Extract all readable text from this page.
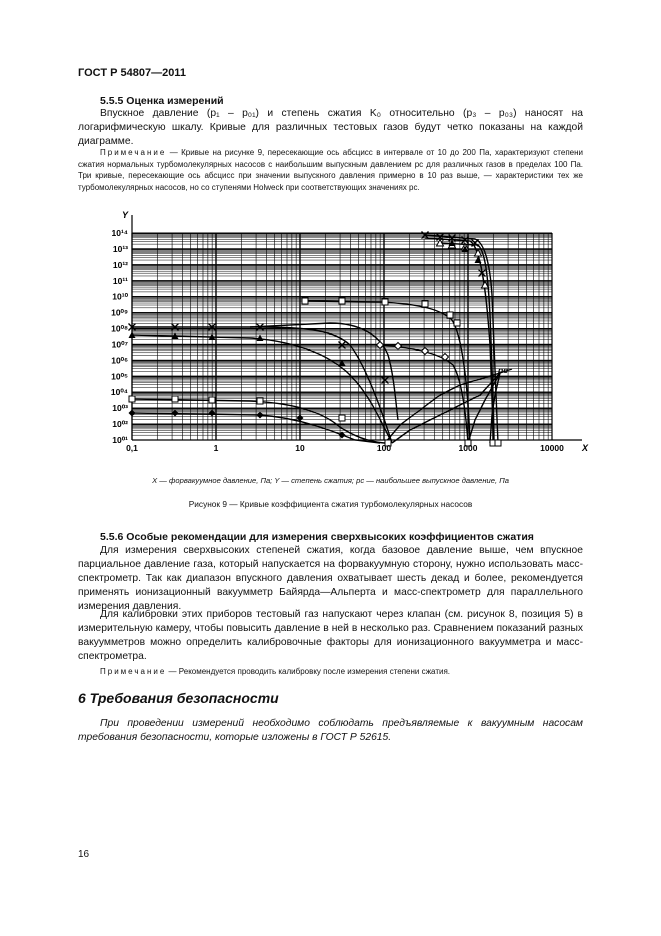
ГОСТ Р 54807—2011
5.5.5 Оценка измерений
Впускное давление (p₁ – p₀₁) и степень сжатия K₀ относительно (p₃ – p₀₃) наносят на логарифмическую шкалу. Кривые для различных тестовых газов будут четко показаны на каждой диаграмме.
Примечание — Кривые на рисунке 9, пересекающие ось абсцисс в интервале от 10 до 200 Па, характеризуют степени сжатия нормальных турбомолекулярных насосов с наибольшим выпускным давлением pc для различных газов в пределах 100 Па. Три кривые, пересекающие ось абсцисс при значении выпускного давления примерно в 10 раз выше, — характеристики тех же турбомолекулярных насосов, но со ступенями Holweck при соответствующих значениях pc.
10¹⁴
10¹³
10¹²
10¹¹
10¹⁰
10⁰⁹
10⁰⁸
10⁰⁷
10⁰⁶
10⁰⁵
10⁰⁴
10⁰³
10⁰²
10⁰¹
0,1	1	10	100	1000	10000
Y
X
pc
X — форвакуумное давление, Па; Y — степень сжатия; pc — наибольшее выпускное давление, Па
Рисунок 9 — Кривые коэффициента сжатия турбомолекулярных насосов
5.5.6 Особые рекомендации для измерения сверхвысоких коэффициентов сжатия
Для измерения сверхвысоких степеней сжатия, когда базовое давление выше, чем впускное парциальное давление газа, который напускается на форвакуумную сторону, нужно использовать масс-спектрометр. Так как диапазон впускного давления охватывает шесть декад и более, рекомендуется применять ионизационный вакуумметр Байярда—Альперта и масс-спектрометр для параллельного измерения давления.
Для калибровки этих приборов тестовый газ напускают через клапан (см. рисунок 8, позиция 5) в измерительную камеру, чтобы повысить давление в ней в несколько раз. Сравнением показаний разных вакуумметров можно определить калибровочные факторы для ионизационного вакуумметра и масс-спектрометра.
Примечание — Рекомендуется проводить калибровку после измерения степени сжатия.
6 Требования безопасности
При проведении измерений необходимо соблюдать предъявляемые к вакуумным насосам требования безопасности, которые изложены в ГОСТ Р 52615.
16
